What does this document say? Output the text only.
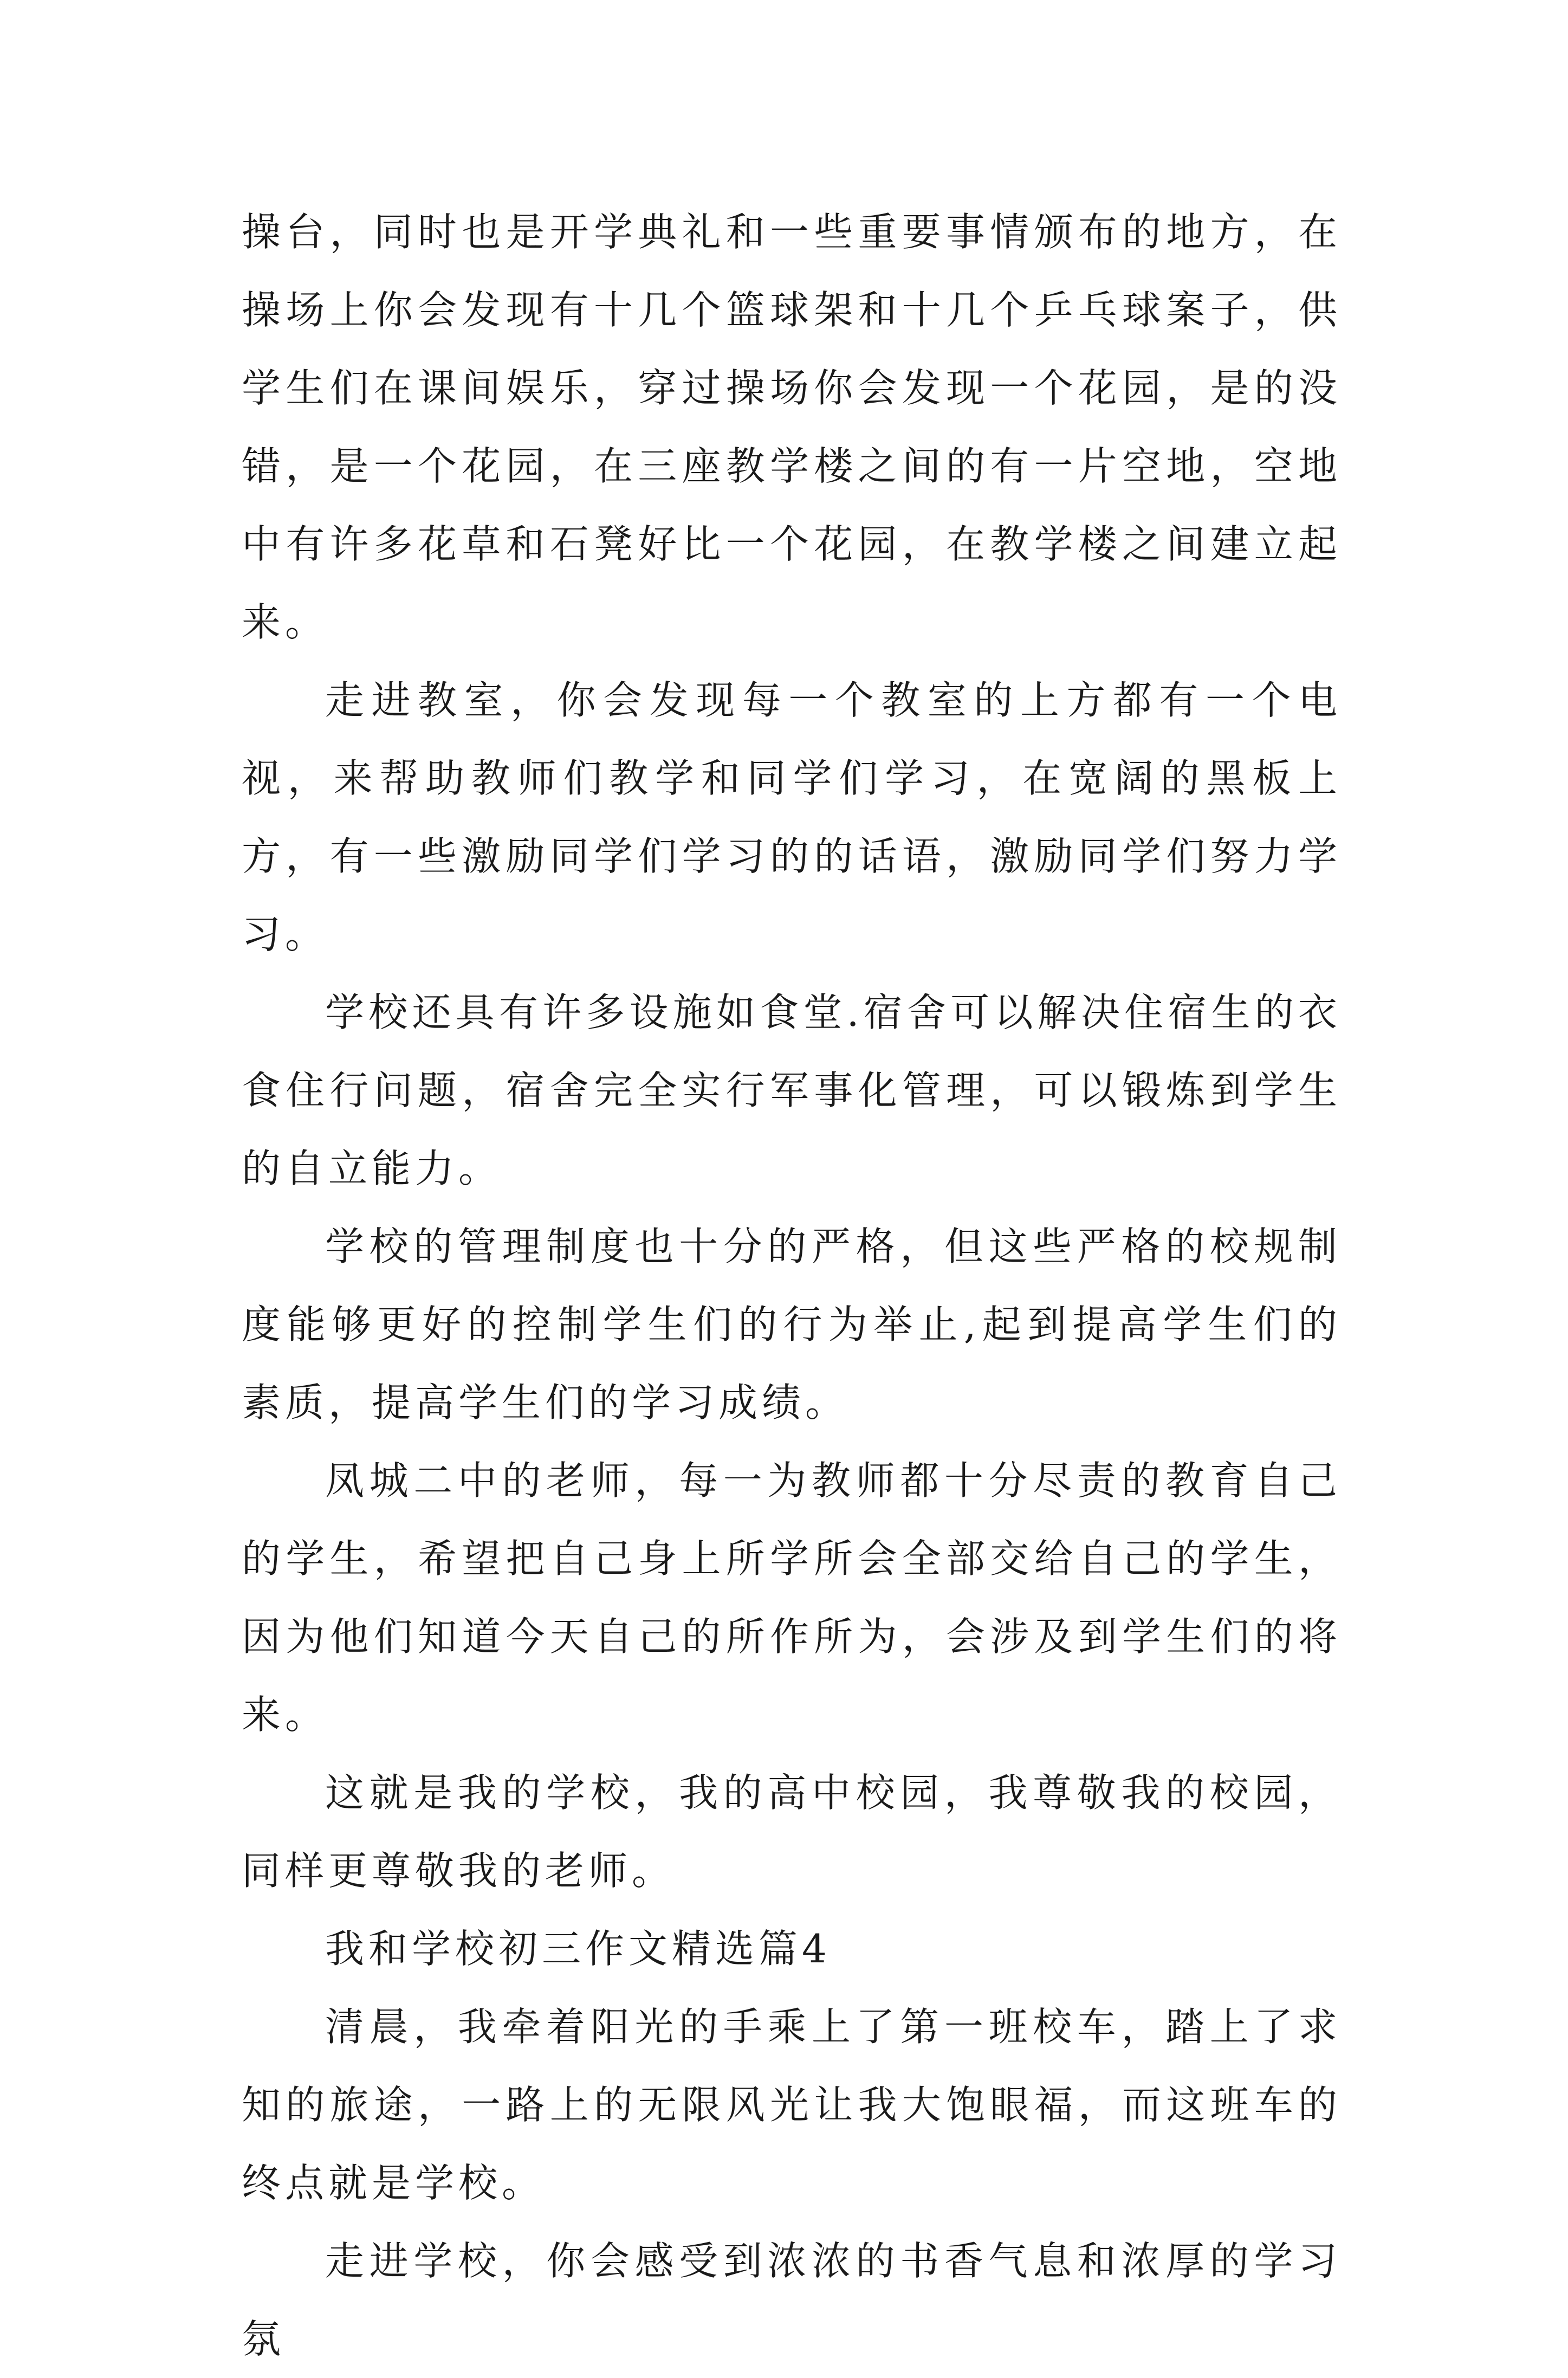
操台，同时也是开学典礼和一些重要事情颁布的地方，在操场上你会发现有十几个篮球架和十几个乒乓球案子，供学生们在课间娱乐，穿过操场你会发现一个花园，是的没错，是一个花园，在三座教学楼之间的有一片空地，空地中有许多花草和石凳好比一个花园，在教学楼之间建立起来。

走进教室，你会发现每一个教室的上方都有一个电视，来帮助教师们教学和同学们学习，在宽阔的黑板上方，有一些激励同学们学习的的话语，激励同学们努力学习。

学校还具有许多设施如食堂.宿舍可以解决住宿生的衣食住行问题，宿舍完全实行军事化管理，可以锻炼到学生的自立能力。

学校的管理制度也十分的严格，但这些严格的校规制度能够更好的控制学生们的行为举止,起到提高学生们的素质，提高学生们的学习成绩。

凤城二中的老师，每一为教师都十分尽责的教育自己的学生，希望把自己身上所学所会全部交给自己的学生，因为他们知道今天自己的所作所为，会涉及到学生们的将来。

这就是我的学校，我的高中校园，我尊敬我的校园，同样更尊敬我的老师。

我和学校初三作文精选篇4

清晨，我牵着阳光的手乘上了第一班校车，踏上了求知的旅途，一路上的无限风光让我大饱眼福，而这班车的终点就是学校。

走进学校，你会感受到浓浓的书香气息和浓厚的学习氛
